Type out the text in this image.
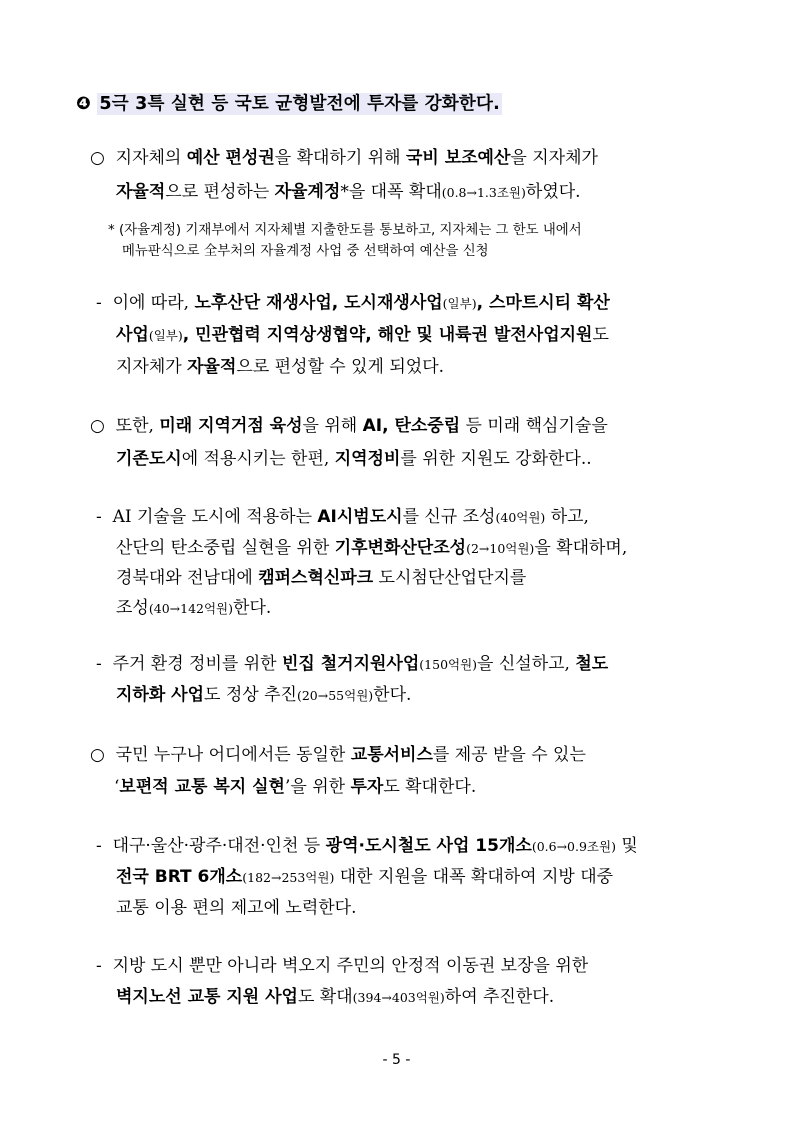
❹ 5극 3특 실현 등 국토 균형발전에 투자를 강화한다.
○ 지자체의 예산 편성권을 확대하기 위해 국비 보조예산을 지자체가
자율적으로 편성하는 자율계정*을 대폭 확대(0.8→1.3조원)하였다.
* (자율계정) 기재부에서 지자체별 지출한도를 통보하고, 지자체는 그 한도 내에서
메뉴판식으로 全부처의 자율계정 사업 중 선택하여 예산을 신청
- 이에 따라, 노후산단 재생사업, 도시재생사업(일부), 스마트시티 확산
사업(일부), 민관협력 지역상생협약, 해안 및 내륙권 발전사업지원도
지자체가 자율적으로 편성할 수 있게 되었다.
○ 또한, 미래 지역거점 육성을 위해 AI, 탄소중립 등 미래 핵심기술을
기존도시에 적용시키는 한편, 지역정비를 위한 지원도 강화한다..
- AI 기술을 도시에 적용하는 AI시범도시를 신규 조성(40억원) 하고,
산단의 탄소중립 실현을 위한 기후변화산단조성(2→10억원)을 확대하며,
경북대와 전남대에 캠퍼스혁신파크 도시첨단산업단지를
조성(40→142억원)한다.
- 주거 환경 정비를 위한 빈집 철거지원사업(150억원)을 신설하고, 철도
지하화 사업도 정상 추진(20→55억원)한다.
○ 국민 누구나 어디에서든 동일한 교통서비스를 제공 받을 수 있는
‘보편적 교통 복지 실현’을 위한 투자도 확대한다.
- 대구·울산·광주·대전·인천 등 광역·도시철도 사업 15개소(0.6→0.9조원) 및
전국 BRT 6개소(182→253억원) 대한 지원을 대폭 확대하여 지방 대중
교통 이용 편의 제고에 노력한다.
- 지방 도시 뿐만 아니라 벽오지 주민의 안정적 이동권 보장을 위한
벽지노선 교통 지원 사업도 확대(394→403억원)하여 추진한다.
- 5 -
